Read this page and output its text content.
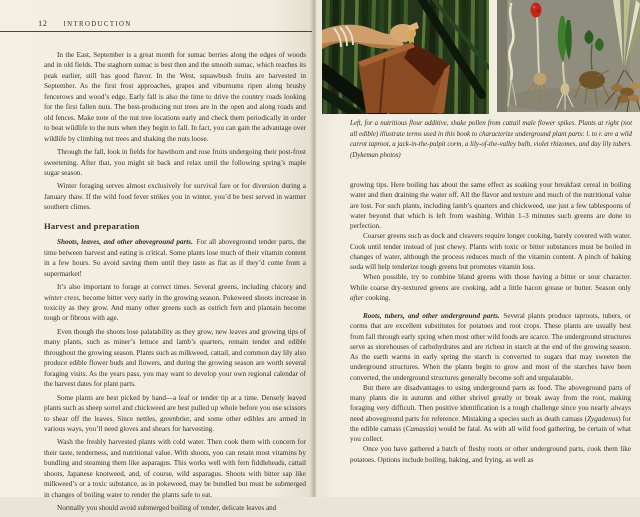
12 INTRODUCTION

In the East, September is a great month for sumac berries along the edges of woods and in old fields. The staghorn sumac is best then and the smooth sumac, which reaches its peak earlier, still has good flavor. In the West, squawbush fruits are harvested in September. As the first frost approaches, grapes and viburnums ripen along brushy fencerows and wood’s edge. Early fall is also the time to drive the country roads looking for the first fallen nuts. The best-producing nut trees are in the open and along roads and old fences. Make note of the nut tree locations early and check them periodically in order to beat wildlife to the nuts when they begin to fall. In fact, you can gain the advantage over wildlife by climbing nut trees and shaking the nuts loose.

Through the fall, look in fields for hawthorn and rose fruits undergoing their post-frost sweetening. After that, you might sit back and relax until the following spring’s maple sugar season.

Winter foraging serves almost exclusively for survival fare or for diversion during a January thaw. If the wild food fever strikes you in winter, you’d be best served in warmer southern climes.

Harvest and preparation

Shoots, leaves, and other aboveground parts. For all aboveground tender parts, the time between harvest and eating is critical. Some plants lose much of their vitamin content in a few hours. So avoid saving them until they taste as flat as if they’d come from a supermarket!

It’s also important to forage at correct times. Several greens, including chicory and winter cress, become bitter very early in the growing season. Pokeweed shoots increase in toxicity as they grow. And many other greens such as ostrich fern and plantain become tough or fibrous with age.

Even though the shoots lose palatability as they grow, new leaves and growing tips of many plants, such as miner’s lettuce and lamb’s quarters, remain tender and edible throughout the growing season. Plants such as milkweed, cattail, and common day lily also produce edible flower buds and flowers, and during the growing season are worth several foraging visits. As the years pass, you may want to develop your own regional calendar of the harvest dates for plant parts.

Some plants are best picked by hand—a leaf or tender tip at a time. Densely leaved plants such as sheep sorrel and chickweed are best pulled up whole before you use scissors to shear off the leaves. Since nettles, greenbrier, and some other edibles are armed in various ways, you’ll need gloves and shears for harvesting.

Wash the freshly harvested plants with cold water. Then cook them with concern for their taste, tenderness, and nutritional value. With shoots, you can retain most vitamins by bundling and steaming them like asparagus. This works well with fern fiddleheads, cattail shoots, Japanese knotweed, and, of course, wild asparagus. Shoots with bitter sap like milkweed’s or a toxic substance, as in pokeweed, may be bundled but must be submerged in changes of boiling water to render the plants safe to eat.

Normally you should avoid submerged boiling of tender, delicate leaves and

Left, for a nutritious flour additive, shake pollen from cattail male flower spikes. Plants at right (not all edible) illustrate terms used in this book to characterize underground plant parts: l. to r. are a wild carrot taproot, a jack-in-the-pulpit corm, a lily-of-the-valley bulb, violet rhizomes, and day lily tubers. (Dykeman photos)

growing tips. Here boiling has about the same effect as soaking your breakfast cereal in boiling water and then draining the water off. All the flavor and texture and much of the nutritional value are lost. For such plants, including lamb’s quarters and chickweed, use just a few tablespoons of water beyond that which is left from washing. Within 1–3 minutes such greens are done to perfection.

Coarser greens such as dock and cleavers require longer cooking, barely covered with water. Cook until tender instead of just chewy. Plants with toxic or bitter substances must be boiled in changes of water, although the process reduces much of the vitamin content. A pinch of baking soda will help tenderize tough greens but promotes vitamin loss.

When possible, try to combine bland greens with those having a bitter or sour character. While coarse dry-textured greens are cooking, add a little bacon grease or butter. Season only after cooking.

Roots, tubers, and other underground parts. Several plants produce taproots, tubers, or corms that are excellent substitutes for potatoes and root crops. These plants are usually best from fall through early spring when most other wild foods are scarce. The underground structures serve as storehouses of carbohydrates and are richest in starch at the end of the growing season. As the earth warms in early spring the starch is converted to sugars that may sweeten the underground structures. When the plants begin to grow and most of the starches have been converted, the underground structures generally become soft and unpalatable.

But there are disadvantages to using underground parts as food. The aboveground parts of many plants die in autumn and either shrivel greatly or break away from the root, making foraging very difficult. Then positive identification is a tough challenge since you nearly always need aboveground parts for reference. Mistaking a species such as death camass (Zygadenus) for the edible camass (Camassia) would be fatal. As with all wild food gathering, be certain of what you collect.

Once you have gathered a batch of fleshy roots or other underground parts, cook them like potatoes. Options include boiling, baking, and frying, as well as
